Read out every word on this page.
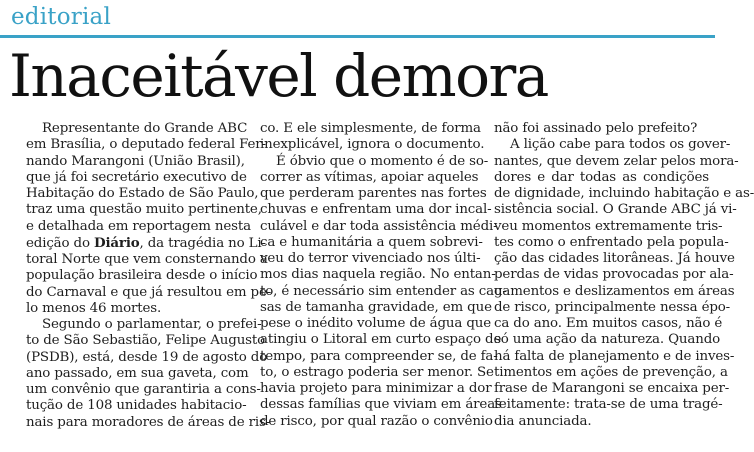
editorial
Inaceitável demora
Representante do Grande ABC
em Brasília, o deputado federal Fer-
nando Marangoni (União Brasil),
que já foi secretário executivo de
Habitação do Estado de São Paulo,
traz uma questão muito pertinente,
e detalhada em reportagem nesta
edição do Diário, da tragédia no Li-
toral Norte que vem consternando a
população brasileira desde o início
do Carnaval e que já resultou em pe-
lo menos 46 mortes.
Segundo o parlamentar, o prefei-
to de São Sebastião, Felipe Augusto
(PSDB), está, desde 19 de agosto do
ano passado, em sua gaveta, com
um convênio que garantiria a cons-
tução de 108 unidades habitacio-
nais para moradores de áreas de ris-
co. E ele simplesmente, de forma
inexplicável, ignora o documento.
É óbvio que o momento é de so-
correr as vítimas, apoiar aqueles
que perderam parentes nas fortes
chuvas e enfrentam uma dor incal-
culável e dar toda assistência médi-
ca e humanitária a quem sobrevi-
veu do terror vivenciado nos últi-
mos dias naquela região. No entan-
to, é necessário sim entender as cau-
sas de tamanha gravidade, em que
pese o inédito volume de água que
atingiu o Litoral em curto espaço de
tempo, para compreender se, de fa-
to, o estrago poderia ser menor. Se
havia projeto para minimizar a dor
dessas famílias que viviam em áreas
de risco, por qual razão o convênio
não foi assinado pelo prefeito?
A lição cabe para todos os gover-
nantes, que devem zelar pelos mora-
dores e dar todas as condições
de dignidade, incluindo habitação e as-
sistência social. O Grande ABC já vi-
veu momentos extremamente tris-
tes como o enfrentado pela popula-
ção das cidades litorâneas. Já houve
perdas de vidas provocadas por ala-
gamentos e deslizamentos em áreas
de risco, principalmente nessa épo-
ca do ano. Em muitos casos, não é
só uma ação da natureza. Quando
há falta de planejamento e de inves-
timentos em ações de prevenção, a
frase de Marangoni se encaixa per-
feitamente: trata-se de uma tragé-
dia anunciada.
